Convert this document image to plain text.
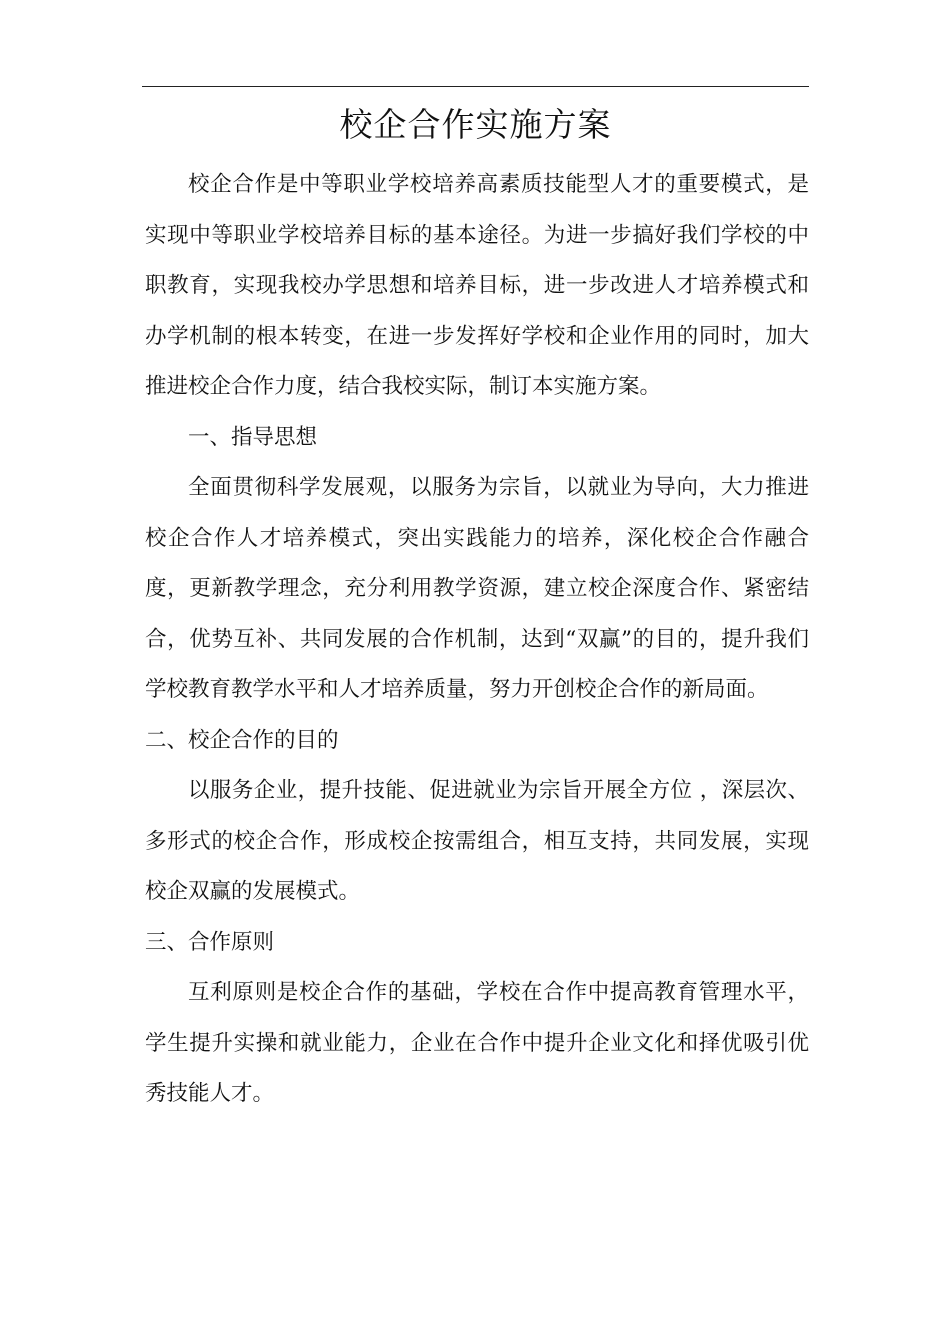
校企合作实施方案

校企合作是中等职业学校培养高素质技能型人才的重要模式，是实现中等职业学校培养目标的基本途径。为进一步搞好我们学校的中职教育，实现我校办学思想和培养目标，进一步改进人才培养模式和办学机制的根本转变，在进一步发挥好学校和企业作用的同时，加大推进校企合作力度，结合我校实际，制订本实施方案。

一、指导思想

全面贯彻科学发展观，以服务为宗旨，以就业为导向，大力推进校企合作人才培养模式，突出实践能力的培养，深化校企合作融合度，更新教学理念，充分利用教学资源，建立校企深度合作、紧密结合，优势互补、共同发展的合作机制，达到“双赢”的目的，提升我们学校教育教学水平和人才培养质量，努力开创校企合作的新局面。

二、校企合作的目的

以服务企业，提升技能、促进就业为宗旨开展全方位 ，深层次、多形式的校企合作，形成校企按需组合，相互支持，共同发展，实现校企双赢的发展模式。

三、合作原则

互利原则是校企合作的基础，学校在合作中提高教育管理水平，学生提升实操和就业能力，企业在合作中提升企业文化和择优吸引优秀技能人才。
